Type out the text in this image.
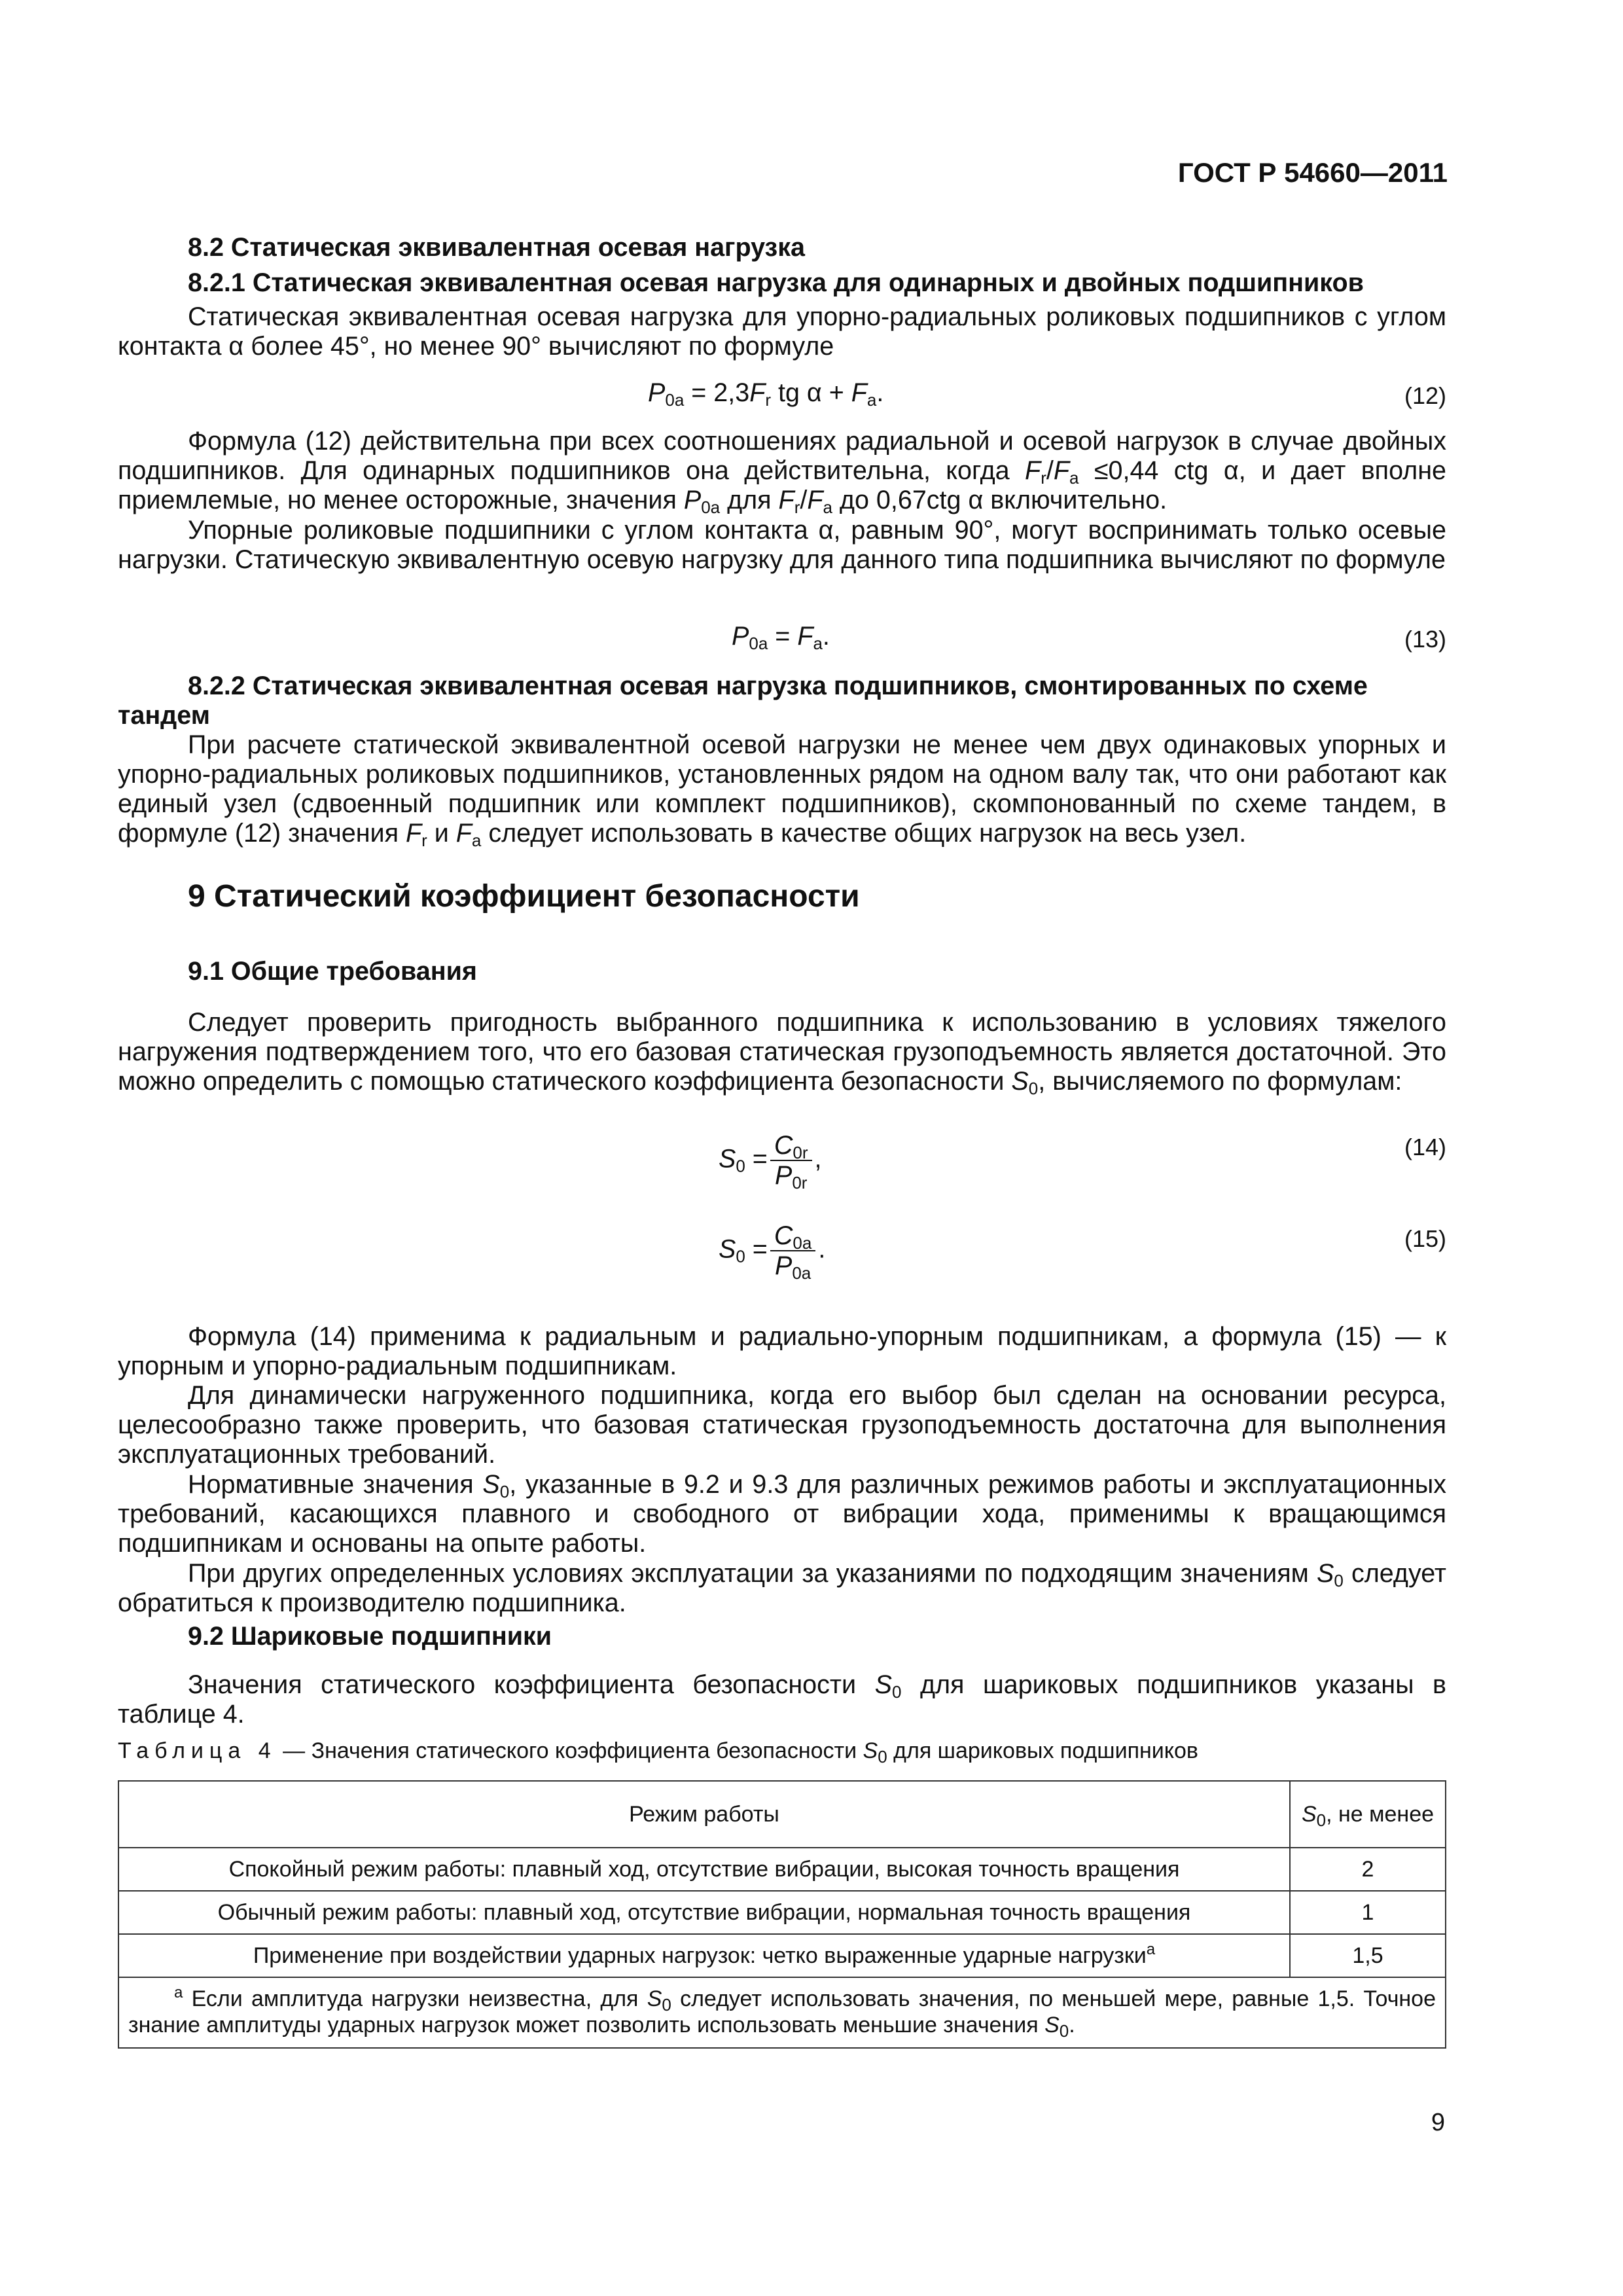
ГОСТ Р 54660—2011
8.2 Статическая эквивалентная осевая нагрузка
8.2.1 Статическая эквивалентная осевая нагрузка для одинарных и двойных подшипников
Статическая эквивалентная осевая нагрузка для упорно-радиальных роликовых подшипников с углом контакта α более 45°, но менее 90° вычисляют по формуле
$P_{0a} = 2,3F_r$ tg $\alpha + F_a$.	(12)
Формула (12) действительна при всех соотношениях радиальной и осевой нагрузок в случае двойных подшипников. Для одинарных подшипников она действительна, когда $F_r/F_a \le 0,44$ ctg α, и дает вполне приемлемые, но менее осторожные, значения $P_{0a}$ для $F_r/F_a$ до 0,67ctg α включительно.
Упорные роликовые подшипники с углом контакта α, равным 90°, могут воспринимать только осевые нагрузки. Статическую эквивалентную осевую нагрузку для данного типа подшипника вычисляют по формуле
$P_{0a} = F_a$.	(13)
8.2.2 Статическая эквивалентная осевая нагрузка подшипников, смонтированных по схеме тандем
При расчете статической эквивалентной осевой нагрузки не менее чем двух одинаковых упорных и упорно-радиальных роликовых подшипников, установленных рядом на одном валу так, что они работают как единый узел (сдвоенный подшипник или комплект подшипников), скомпонованный по схеме тандем, в формуле (12) значения $F_r$ и $F_a$ следует использовать в качестве общих нагрузок на весь узел.
9 Статический коэффициент безопасности
9.1 Общие требования
Следует проверить пригодность выбранного подшипника к использованию в условиях тяжелого нагружения подтверждением того, что его базовая статическая грузоподъемность является достаточной. Это можно определить с помощью статического коэффициента безопасности $S_0$, вычисляемого по формулам:
$S_0 = \frac{C_{0r}}{P_{0r}}$ ,	(14)
$S_0 = \frac{C_{0a}}{P_{0a}}$ .	(15)
Формула (14) применима к радиальным и радиально-упорным подшипникам, а формула (15) — к упорным и упорно-радиальным подшипникам.
Для динамически нагруженного подшипника, когда его выбор был сделан на основании ресурса, целесообразно также проверить, что базовая статическая грузоподъемность достаточна для выполнения эксплуатационных требований.
Нормативные значения $S_0$, указанные в 9.2 и 9.3 для различных режимов работы и эксплуатационных требований, касающихся плавного и свободного от вибрации хода, применимы к вращающимся подшипникам и основаны на опыте работы.
При других определенных условиях эксплуатации за указаниями по подходящим значениям $S_0$ следует обратиться к производителю подшипника.
9.2 Шариковые подшипники
Значения статического коэффициента безопасности $S_0$ для шариковых подшипников указаны в таблице 4.
Таблица 4 — Значения статического коэффициента безопасности $S_0$ для шариковых подшипников
Режим работы	$S_0$, не менее
Спокойный режим работы: плавный ход, отсутствие вибрации, высокая точность вращения	2
Обычный режим работы: плавный ход, отсутствие вибрации, нормальная точность вращения	1
Применение при воздействии ударных нагрузок: четко выраженные ударные нагрузки$^а$	1,5
$^а$ Если амплитуда нагрузки неизвестна, для $S_0$ следует использовать значения, по меньшей мере, равные 1,5. Точное знание амплитуды ударных нагрузок может позволить использовать меньшие значения $S_0$.	
9
